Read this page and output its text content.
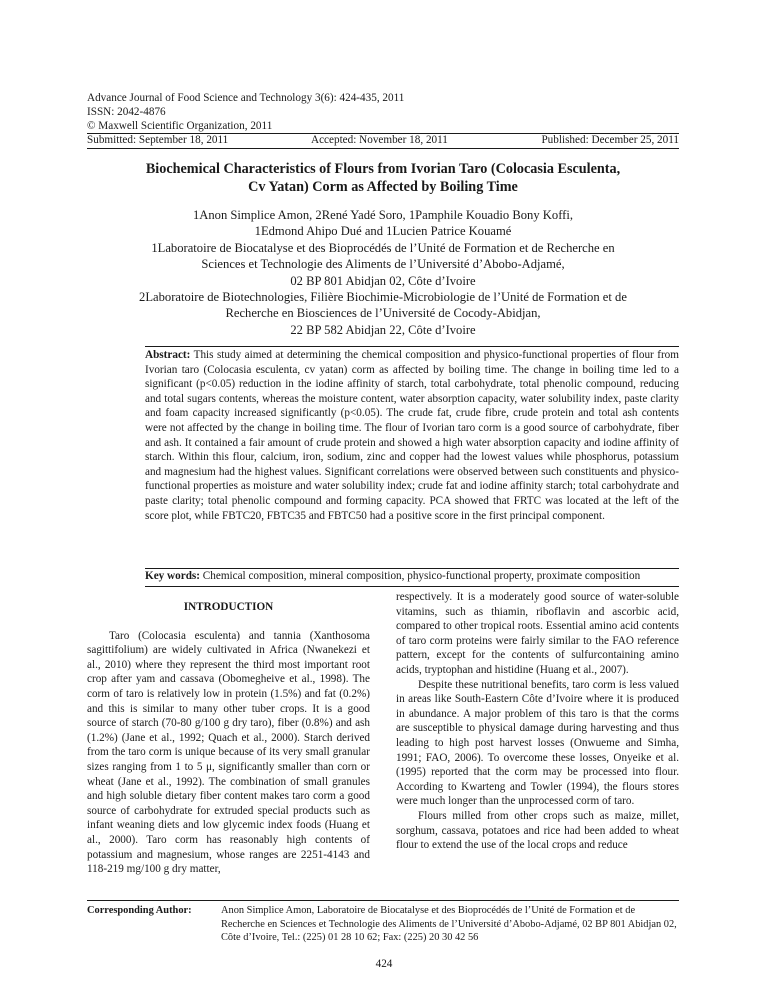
Advance Journal of Food Science and Technology 3(6): 424-435, 2011
ISSN: 2042-4876
© Maxwell Scientific Organization, 2011
Submitted: September 18, 2011	Accepted: November 18, 2011	Published: December 25, 2011
Biochemical Characteristics of Flours from Ivorian Taro (Colocasia Esculenta,
Cv Yatan) Corm as Affected by Boiling Time
1Anon Simplice Amon, 2René Yadé Soro, 1Pamphile Kouadio Bony Koffi,
1Edmond Ahipo Dué and 1Lucien Patrice Kouamé
1Laboratoire de Biocatalyse et des Bioprocédés de l’Unité de Formation et de Recherche en
Sciences et Technologie des Aliments de l’Université d’Abobo-Adjamé,
02 BP 801 Abidjan 02, Côte d’Ivoire
2Laboratoire de Biotechnologies, Filière Biochimie-Microbiologie de l’Unité de Formation et de
Recherche en Biosciences de l’Université de Cocody-Abidjan,
22 BP 582 Abidjan 22, Côte d’Ivoire
Abstract: This study aimed at determining the chemical composition and physico-functional properties of flour from Ivorian taro (Colocasia esculenta, cv yatan) corm as affected by boiling time. The change in boiling time led to a significant (p<0.05) reduction in the iodine affinity of starch, total carbohydrate, total phenolic compound, reducing and total sugars contents, whereas the moisture content, water absorption capacity, water solubility index, paste clarity and foam capacity increased significantly (p<0.05). The crude fat, crude fibre, crude protein and total ash contents were not affected by the change in boiling time. The flour of Ivorian taro corm is a good source of carbohydrate, fiber and ash. It contained a fair amount of crude protein and showed a high water absorption capacity and iodine affinity of starch. Within this flour, calcium, iron, sodium, zinc and copper had the lowest values while phosphorus, potassium and magnesium had the highest values. Significant correlations were observed between such constituents and physico-functional properties as moisture and water solubility index; crude fat and iodine affinity starch; total carbohydrate and paste clarity; total phenolic compound and forming capacity. PCA showed that FRTC was located at the left of the score plot, while FBTC20, FBTC35 and FBTC50 had a positive score in the first principal component.
Key words: Chemical composition, mineral composition, physico-functional property, proximate composition

INTRODUCTION

Taro (Colocasia esculenta) and tannia (Xanthosoma sagittifolium) are widely cultivated in Africa (Nwanekezi et al., 2010) where they represent the third most important root crop after yam and cassava (Obomegheive et al., 1998). The corm of taro is relatively low in protein (1.5%) and fat (0.2%) and this is similar to many other tuber crops. It is a good source of starch (70-80 g/100 g dry taro), fiber (0.8%) and ash (1.2%) (Jane et al., 1992; Quach et al., 2000). Starch derived from the taro corm is unique because of its very small granular sizes ranging from 1 to 5 μ, significantly smaller than corn or wheat (Jane et al., 1992). The combination of small granules and high soluble dietary fiber content makes taro corm a good source of carbohydrate for extruded special products such as infant weaning diets and low glycemic index foods (Huang et al., 2000). Taro corm has reasonably high contents of potassium and magnesium, whose ranges are 2251-4143 and 118-219 mg/100 g dry matter,

respectively. It is a moderately good source of water-soluble vitamins, such as thiamin, riboflavin and ascorbic acid, compared to other tropical roots. Essential amino acid contents of taro corm proteins were fairly similar to the FAO reference pattern, except for the contents of sulfurcontaining amino acids, tryptophan and histidine (Huang et al., 2007).

Despite these nutritional benefits, taro corm is less valued in areas like South-Eastern Côte d’Ivoire where it is produced in abundance. A major problem of this taro is that the corms are susceptible to physical damage during harvesting and thus leading to high post harvest losses (Onwueme and Simha, 1991; FAO, 2006). To overcome these losses, Onyeike et al. (1995) reported that the corm may be processed into flour. According to Kwarteng and Towler (1994), the flours stores were much longer than the unprocessed corm of taro.

Flours milled from other crops such as maize, millet, sorghum, cassava, potatoes and rice had been added to wheat flour to extend the use of the local crops and reduce

Corresponding Author:	Anon Simplice Amon, Laboratoire de Biocatalyse et des Bioprocédés de l’Unité de Formation et de Recherche en Sciences et Technologie des Aliments de l’Université d’Abobo-Adjamé, 02 BP 801 Abidjan 02, Côte d’Ivoire, Tel.: (225) 01 28 10 62; Fax: (225) 20 30 42 56
424
